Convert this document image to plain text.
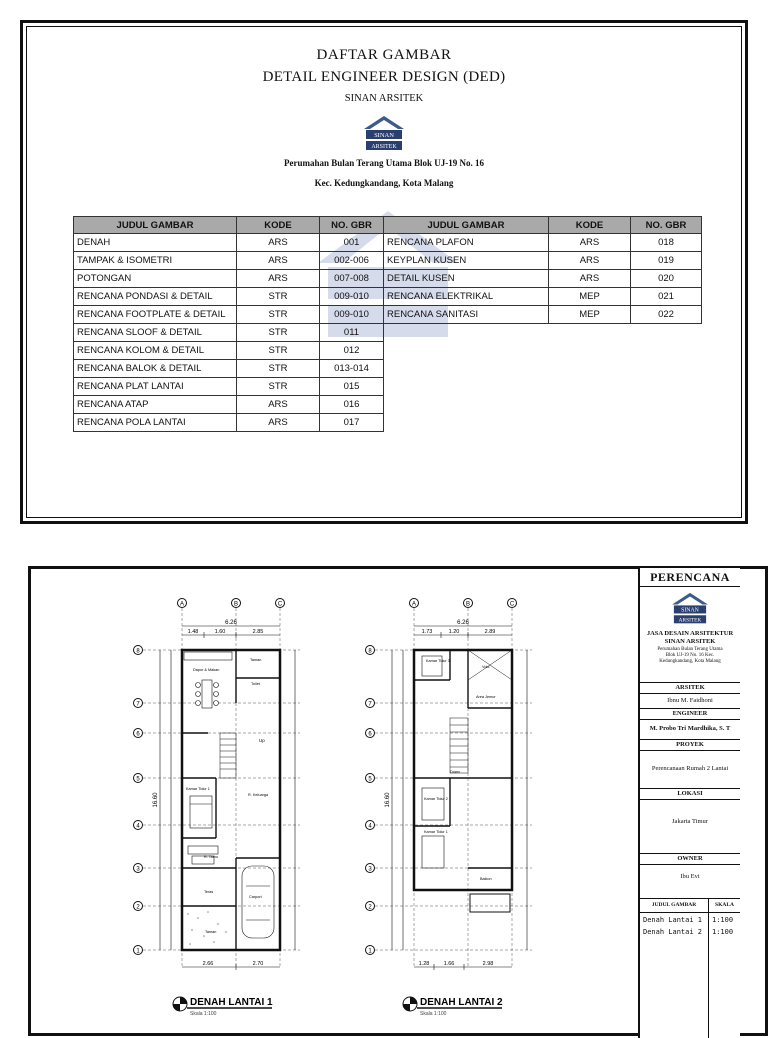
DAFTAR GAMBAR
DETAIL ENGINEER DESIGN (DED)
SINAN ARSITEK
SINAN
ARSITEK
Perumahan Bulan Terang Utama Blok UJ-19 No. 16
Kec. Kedungkandang, Kota Malang
JUDUL GAMBAR	KODE	NO. GBR
DENAH	ARS	001
TAMPAK & ISOMETRI	ARS	002-006
POTONGAN	ARS	007-008
RENCANA PONDASI & DETAIL	STR	009-010
RENCANA FOOTPLATE & DETAIL	STR	009-010
RENCANA SLOOF & DETAIL	STR	011
RENCANA KOLOM & DETAIL	STR	012
RENCANA BALOK & DETAIL	STR	013-014
RENCANA PLAT LANTAI	STR	015
RENCANA ATAP	ARS	016
RENCANA POLA LANTAI	ARS	017
JUDUL GAMBAR	KODE	NO. GBR
RENCANA PLAFON	ARS	018
KEYPLAN KUSEN	ARS	019
DETAIL KUSEN	ARS	020
RENCANA ELEKTRIKAL	MEP	021
RENCANA SANITASI	MEP	022
A	B	C
6.26
1.48	1.60	2.85
8
7
6
5
4
3
2
1
16.60
Up
Dapur & Makan
Taman
Toilet
Kamar Tidur 1
R. Keluarga
R. Tamu
Teras
Carport
Taman
2.66	2.70
A	B	C
6.26
1.73	1.20	2.89
8
7
6
5
4
3
2
1
16.60
Kamar Tidur 3
Void
Area Jemur
Down
Kamar Tidur 2
Kamar Tidur 1
Balkon
1.28	1.66	2.98
DENAH LANTAI 1
Skala 1:100
DENAH LANTAI 2
Skala 1:100
PERENCANA
SINAN
ARSITEK
JASA DESAIN ARSITEKTUR
SINAN ARSITEK
Perumahan Bulan Terang Utama Blok UJ-19 No. 16 Kec. Kedungkandang, Kota Malang
ARSITEK
Ibnu M. Faidhoni
ENGINEER
M. Probo Tri Mardhika, S. T
PROYEK
Perencanaan Rumah 2 Lantai
LOKASI
Jakarta Timur
OWNER
Ibu Evi
JUDUL GAMBAR	SKALA
Denah Lantai 1 1:100
Denah Lantai 2 1:100
